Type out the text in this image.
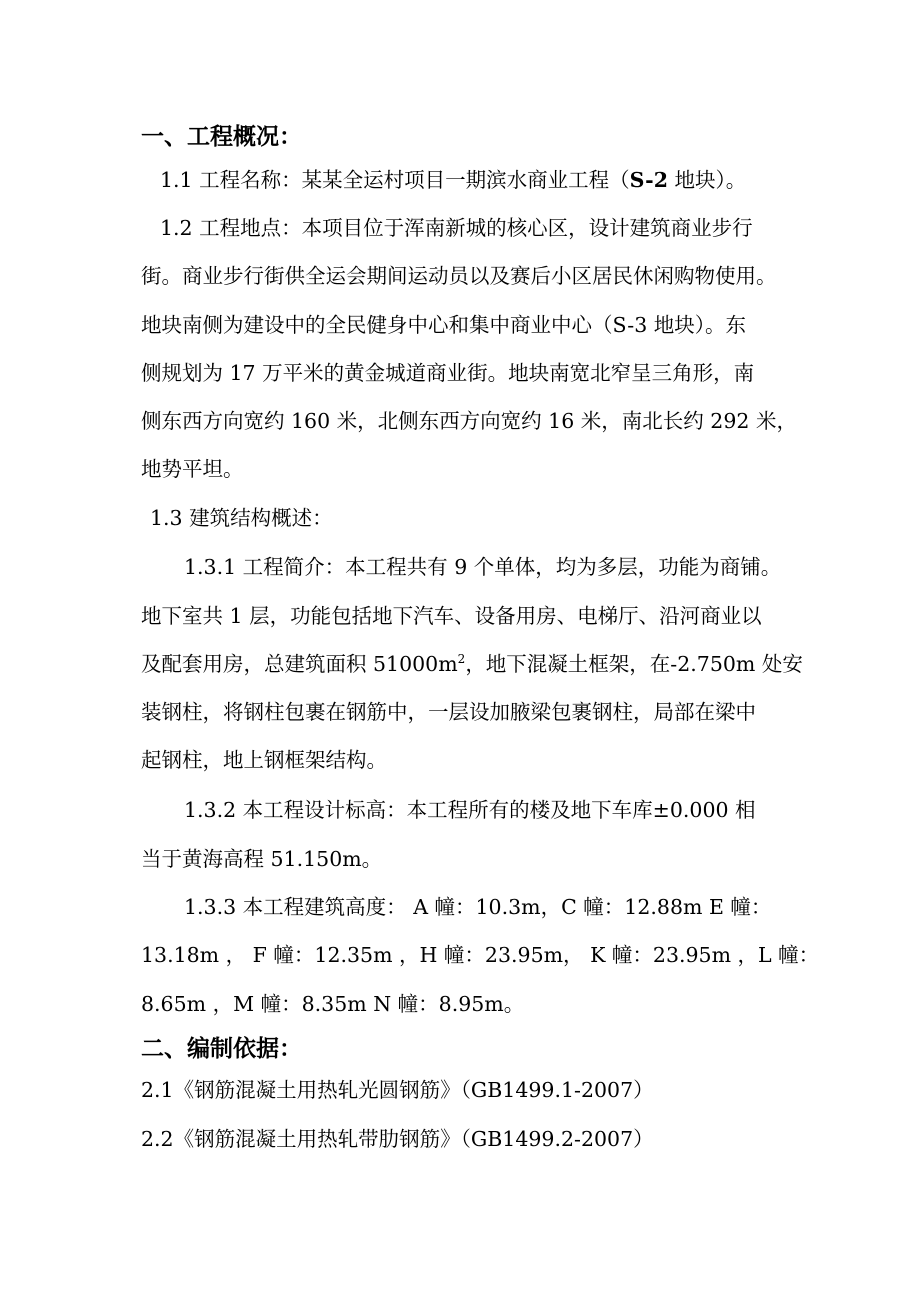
一、工程概况：
1.1 工程名称：某某全运村项目一期滨水商业工程（S-2 地块）。
1.2 工程地点：本项目位于浑南新城的核心区，设计建筑商业步行
街。商业步行街供全运会期间运动员以及赛后小区居民休闲购物使用。
地块南侧为建设中的全民健身中心和集中商业中心（S-3 地块）。东
侧规划为 17 万平米的黄金城道商业街。地块南宽北窄呈三角形，南
侧东西方向宽约 160 米，北侧东西方向宽约 16 米，南北长约 292 米，
地势平坦。
1.3 建筑结构概述：
1.3.1 工程简介：本工程共有 9 个单体，均为多层，功能为商铺。
地下室共 1 层，功能包括地下汽车、设备用房、电梯厅、沿河商业以
及配套用房，总建筑面积 $51000m^2$，地下混凝土框架，在-2.750m 处安
装钢柱，将钢柱包裹在钢筋中，一层设加腋梁包裹钢柱，局部在梁中
起钢柱，地上钢框架结构。
1.3.2 本工程设计标高：本工程所有的楼及地下车库±0.000 相
当于黄海高程 51.150m。
1.3.3 本工程建筑高度： A 幢：10.3m，C 幢：12.88m E 幢：
13.18m ， F 幢：12.35m ，H 幢：23.95m， K 幢：23.95m ，L 幢：
8.65m ，M 幢：8.35m N 幢：8.95m。
二、编制依据：
2.1《钢筋混凝土用热轧光圆钢筋》（GB1499.1-2007）
2.2《钢筋混凝土用热轧带肋钢筋》（GB1499.2-2007）
